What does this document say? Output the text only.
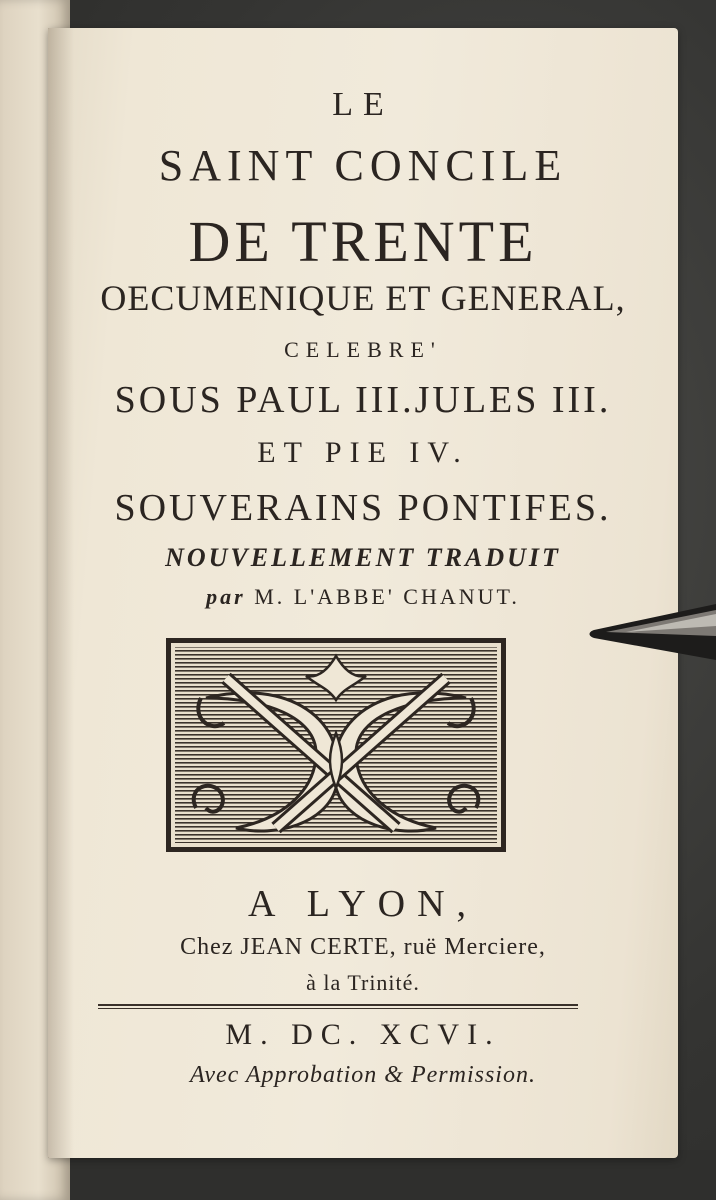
LE
SAINT CONCILE
DE TRENTE
OECUMENIQUE ET GENERAL,
CELEBRE'
SOUS PAUL III.JULES III.
ET PIE IV.
SOUVERAINS PONTIFES.
NOUVELLEMENT TRADUIT
par M. L'ABBE' CHANUT.
A LYON,
Chez JEAN CERTE, ruë Merciere,
à la Trinité.
M. DC. XCVI.
Avec Approbation & Permission.
